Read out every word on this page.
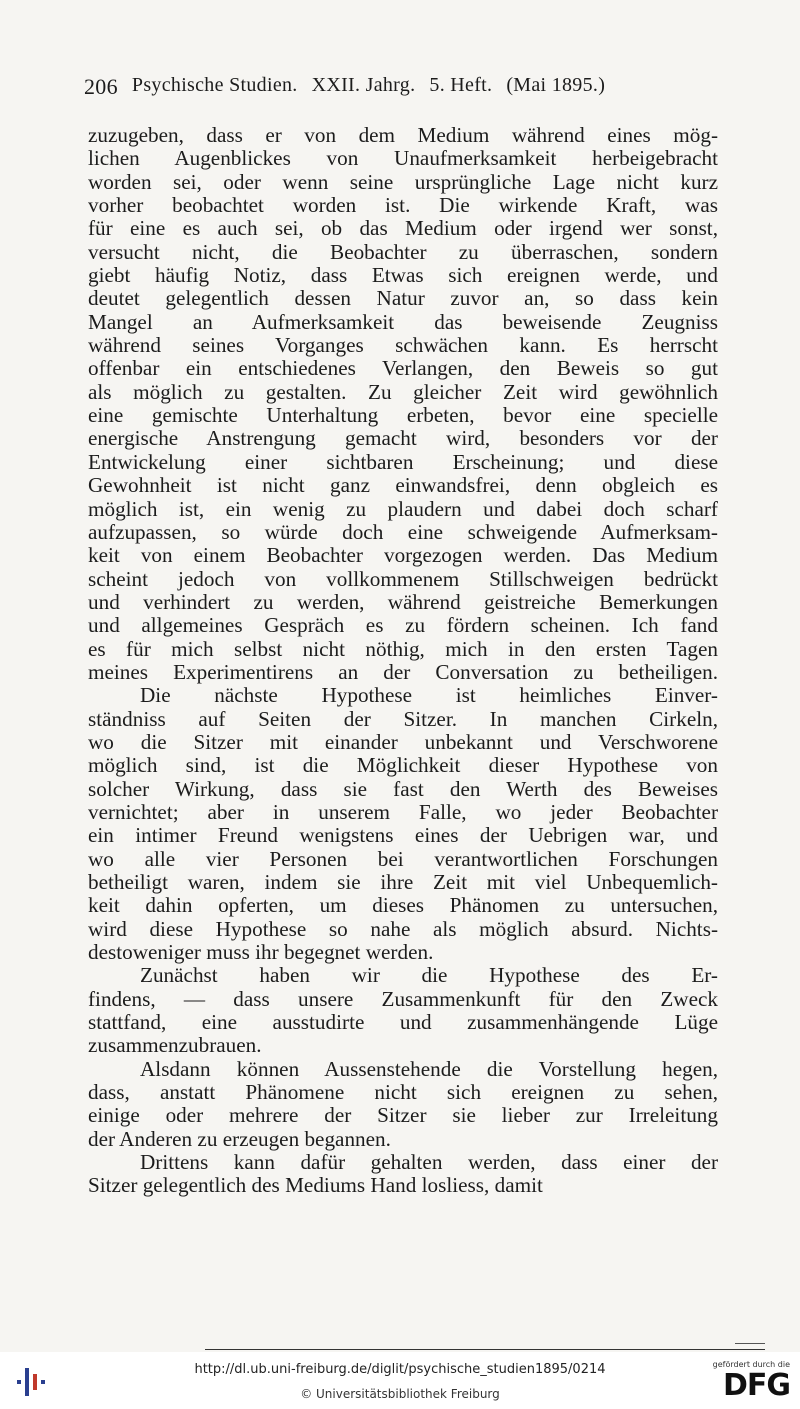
206 Psychische Studien. XXII. Jahrg. 5. Heft. (Mai 1895.)
zuzugeben, dass er von dem Medium während eines mög-
lichen Augenblickes von Unaufmerksamkeit herbeigebracht
worden sei, oder wenn seine ursprüngliche Lage nicht kurz
vorher beobachtet worden ist. Die wirkende Kraft, was
für eine es auch sei, ob das Medium oder irgend wer sonst,
versucht nicht, die Beobachter zu überraschen, sondern
giebt häufig Notiz, dass Etwas sich ereignen werde, und
deutet gelegentlich dessen Natur zuvor an, so dass kein
Mangel an Aufmerksamkeit das beweisende Zeugniss
während seines Vorganges schwächen kann. Es herrscht
offenbar ein entschiedenes Verlangen, den Beweis so gut
als möglich zu gestalten. Zu gleicher Zeit wird gewöhnlich
eine gemischte Unterhaltung erbeten, bevor eine specielle
energische Anstrengung gemacht wird, besonders vor der
Entwickelung einer sichtbaren Erscheinung; und diese
Gewohnheit ist nicht ganz einwandsfrei, denn obgleich es
möglich ist, ein wenig zu plaudern und dabei doch scharf
aufzupassen, so würde doch eine schweigende Aufmerksam-
keit von einem Beobachter vorgezogen werden. Das Medium
scheint jedoch von vollkommenem Stillschweigen bedrückt
und verhindert zu werden, während geistreiche Bemerkungen
und allgemeines Gespräch es zu fördern scheinen. Ich fand
es für mich selbst nicht nöthig, mich in den ersten Tagen
meines Experimentirens an der Conversation zu betheiligen.
Die nächste Hypothese ist heimliches Einver-
ständniss auf Seiten der Sitzer. In manchen Cirkeln,
wo die Sitzer mit einander unbekannt und Verschworene
möglich sind, ist die Möglichkeit dieser Hypothese von
solcher Wirkung, dass sie fast den Werth des Beweises
vernichtet; aber in unserem Falle, wo jeder Beobachter
ein intimer Freund wenigstens eines der Uebrigen war, und
wo alle vier Personen bei verantwortlichen Forschungen
betheiligt waren, indem sie ihre Zeit mit viel Unbequemlich-
keit dahin opferten, um dieses Phänomen zu untersuchen,
wird diese Hypothese so nahe als möglich absurd. Nichts-
destoweniger muss ihr begegnet werden.
Zunächst haben wir die Hypothese des Er-
findens, — dass unsere Zusammenkunft für den Zweck
stattfand, eine ausstudirte und zusammenhängende Lüge
zusammenzubrauen.
Alsdann können Aussenstehende die Vorstellung hegen,
dass, anstatt Phänomene nicht sich ereignen zu sehen,
einige oder mehrere der Sitzer sie lieber zur Irreleitung
der Anderen zu erzeugen begannen.
Drittens kann dafür gehalten werden, dass einer der
Sitzer gelegentlich des Mediums Hand losliess, damit
http://dl.ub.uni-freiburg.de/diglit/psychische_studien1895/0214
© Universitätsbibliothek Freiburg
gefördert durch die
DFG
